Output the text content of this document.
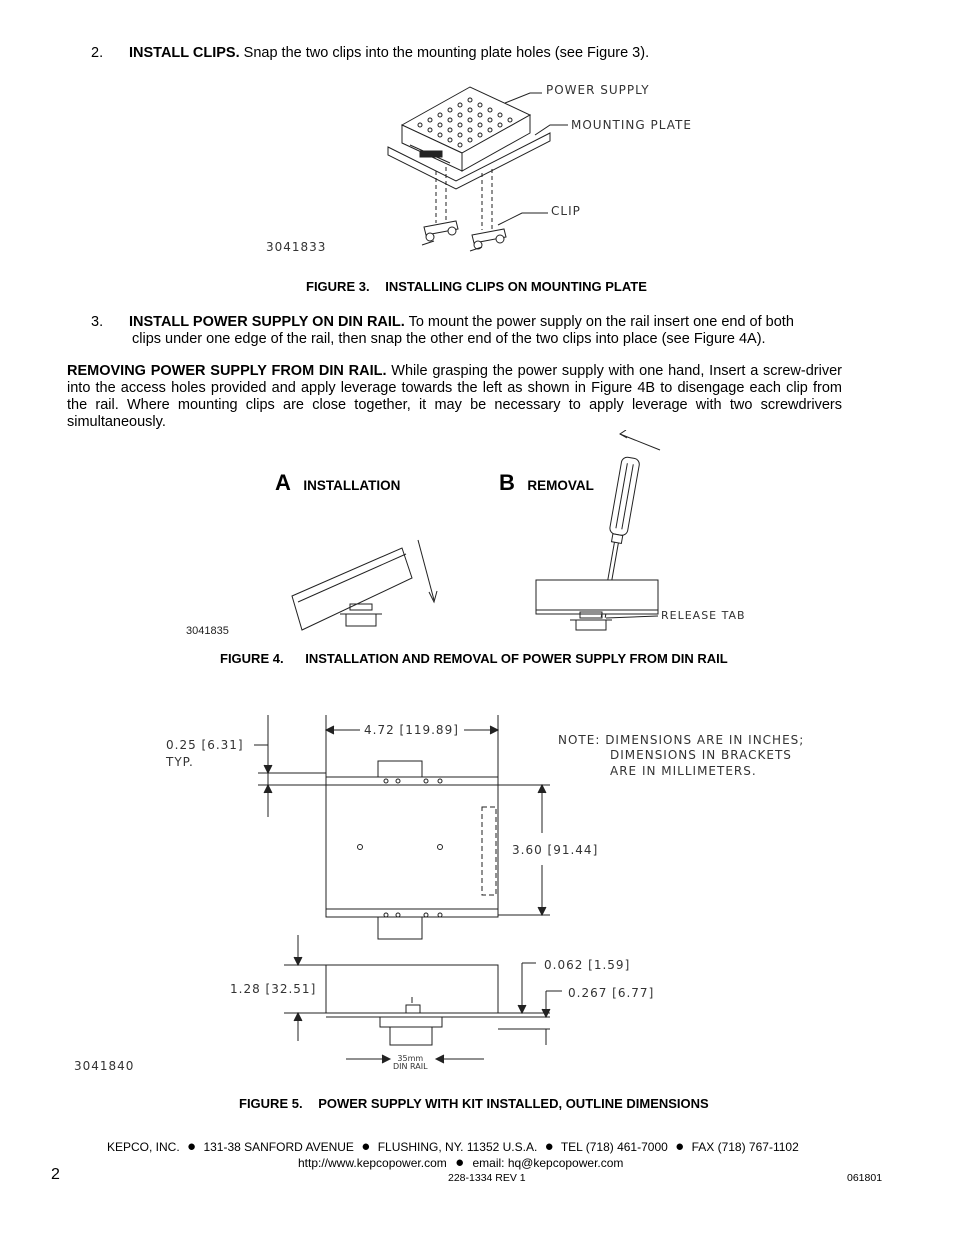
2. INSTALL CLIPS. Snap the two clips into the mounting plate holes (see Figure 3).
POWER SUPPLY
MOUNTING PLATE
CLIP
3041833
FIGURE 3. INSTALLING CLIPS ON MOUNTING PLATE
3. INSTALL POWER SUPPLY ON DIN RAIL. To mount the power supply on the rail insert one end of both
clips under one edge of the rail, then snap the other end of the two clips into place (see Figure 4A).
REMOVING POWER SUPPLY FROM DIN RAIL. While grasping the power supply with one hand, Insert a screw-driver into the access holes provided and apply leverage towards the left as shown in Figure 4B to disengage each clip from the rail. Where mounting clips are close together, it may be necessary to apply leverage with two screwdrivers simultaneously.
A INSTALLATION	B REMOVAL
RELEASE TAB
3041835
FIGURE 4. INSTALLATION AND REMOVAL OF POWER SUPPLY FROM DIN RAIL
4.72 [119.89]
0.25 [6.31]
TYP.
NOTE: DIMENSIONS ARE IN INCHES;
DIMENSIONS IN BRACKETS
ARE IN MILLIMETERS.
3.60 [91.44]
1.28 [32.51]
0.062 [1.59]
0.267 [6.77]
35mm
DIN RAIL
3041840
FIGURE 5. POWER SUPPLY WITH KIT INSTALLED, OUTLINE DIMENSIONS
KEPCO, INC. ● 131-38 SANFORD AVENUE ● FLUSHING, NY. 11352 U.S.A. ● TEL (718) 461-7000 ● FAX (718) 767-1102
http://www.kepcopower.com ● email: hq@kepcopower.com
2	228-1334 REV 1	061801
